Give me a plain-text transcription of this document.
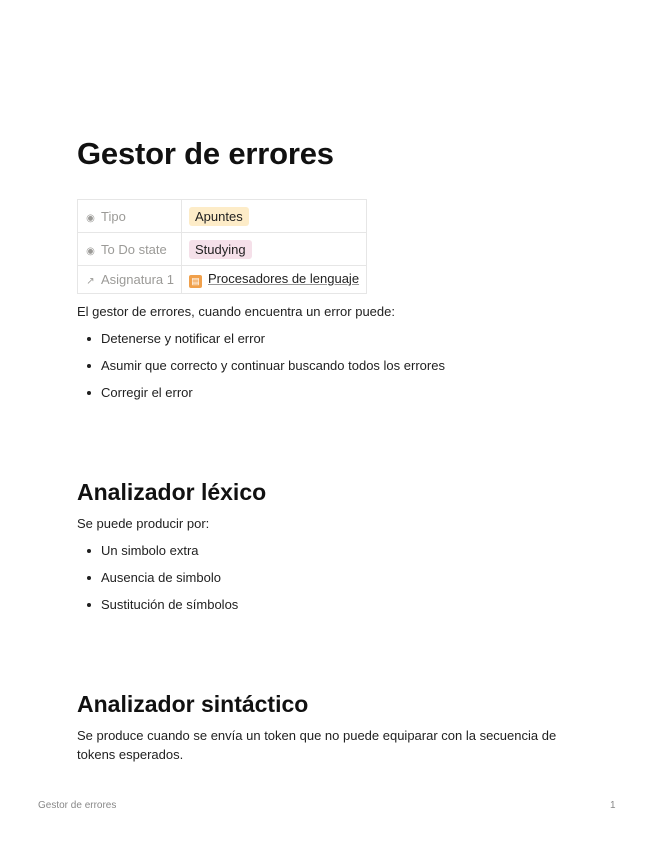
Gestor de errores
◉ Tipo	Apuntes
◉ To Do state	Studying
↗ Asignatura 1	▤ Procesadores de lenguaje

El gestor de errores, cuando encuentra un error puede:

Detenerse y notificar el error
Asumir que correcto y continuar buscando todos los errores
Corregir el error
Analizador léxico

Se puede producir por:

Un simbolo extra
Ausencia de simbolo
Sustitución de símbolos
Analizador sintáctico

Se produce cuando se envía un token que no puede equiparar con la secuencia de tokens esperados.

Gestor de errores	1
